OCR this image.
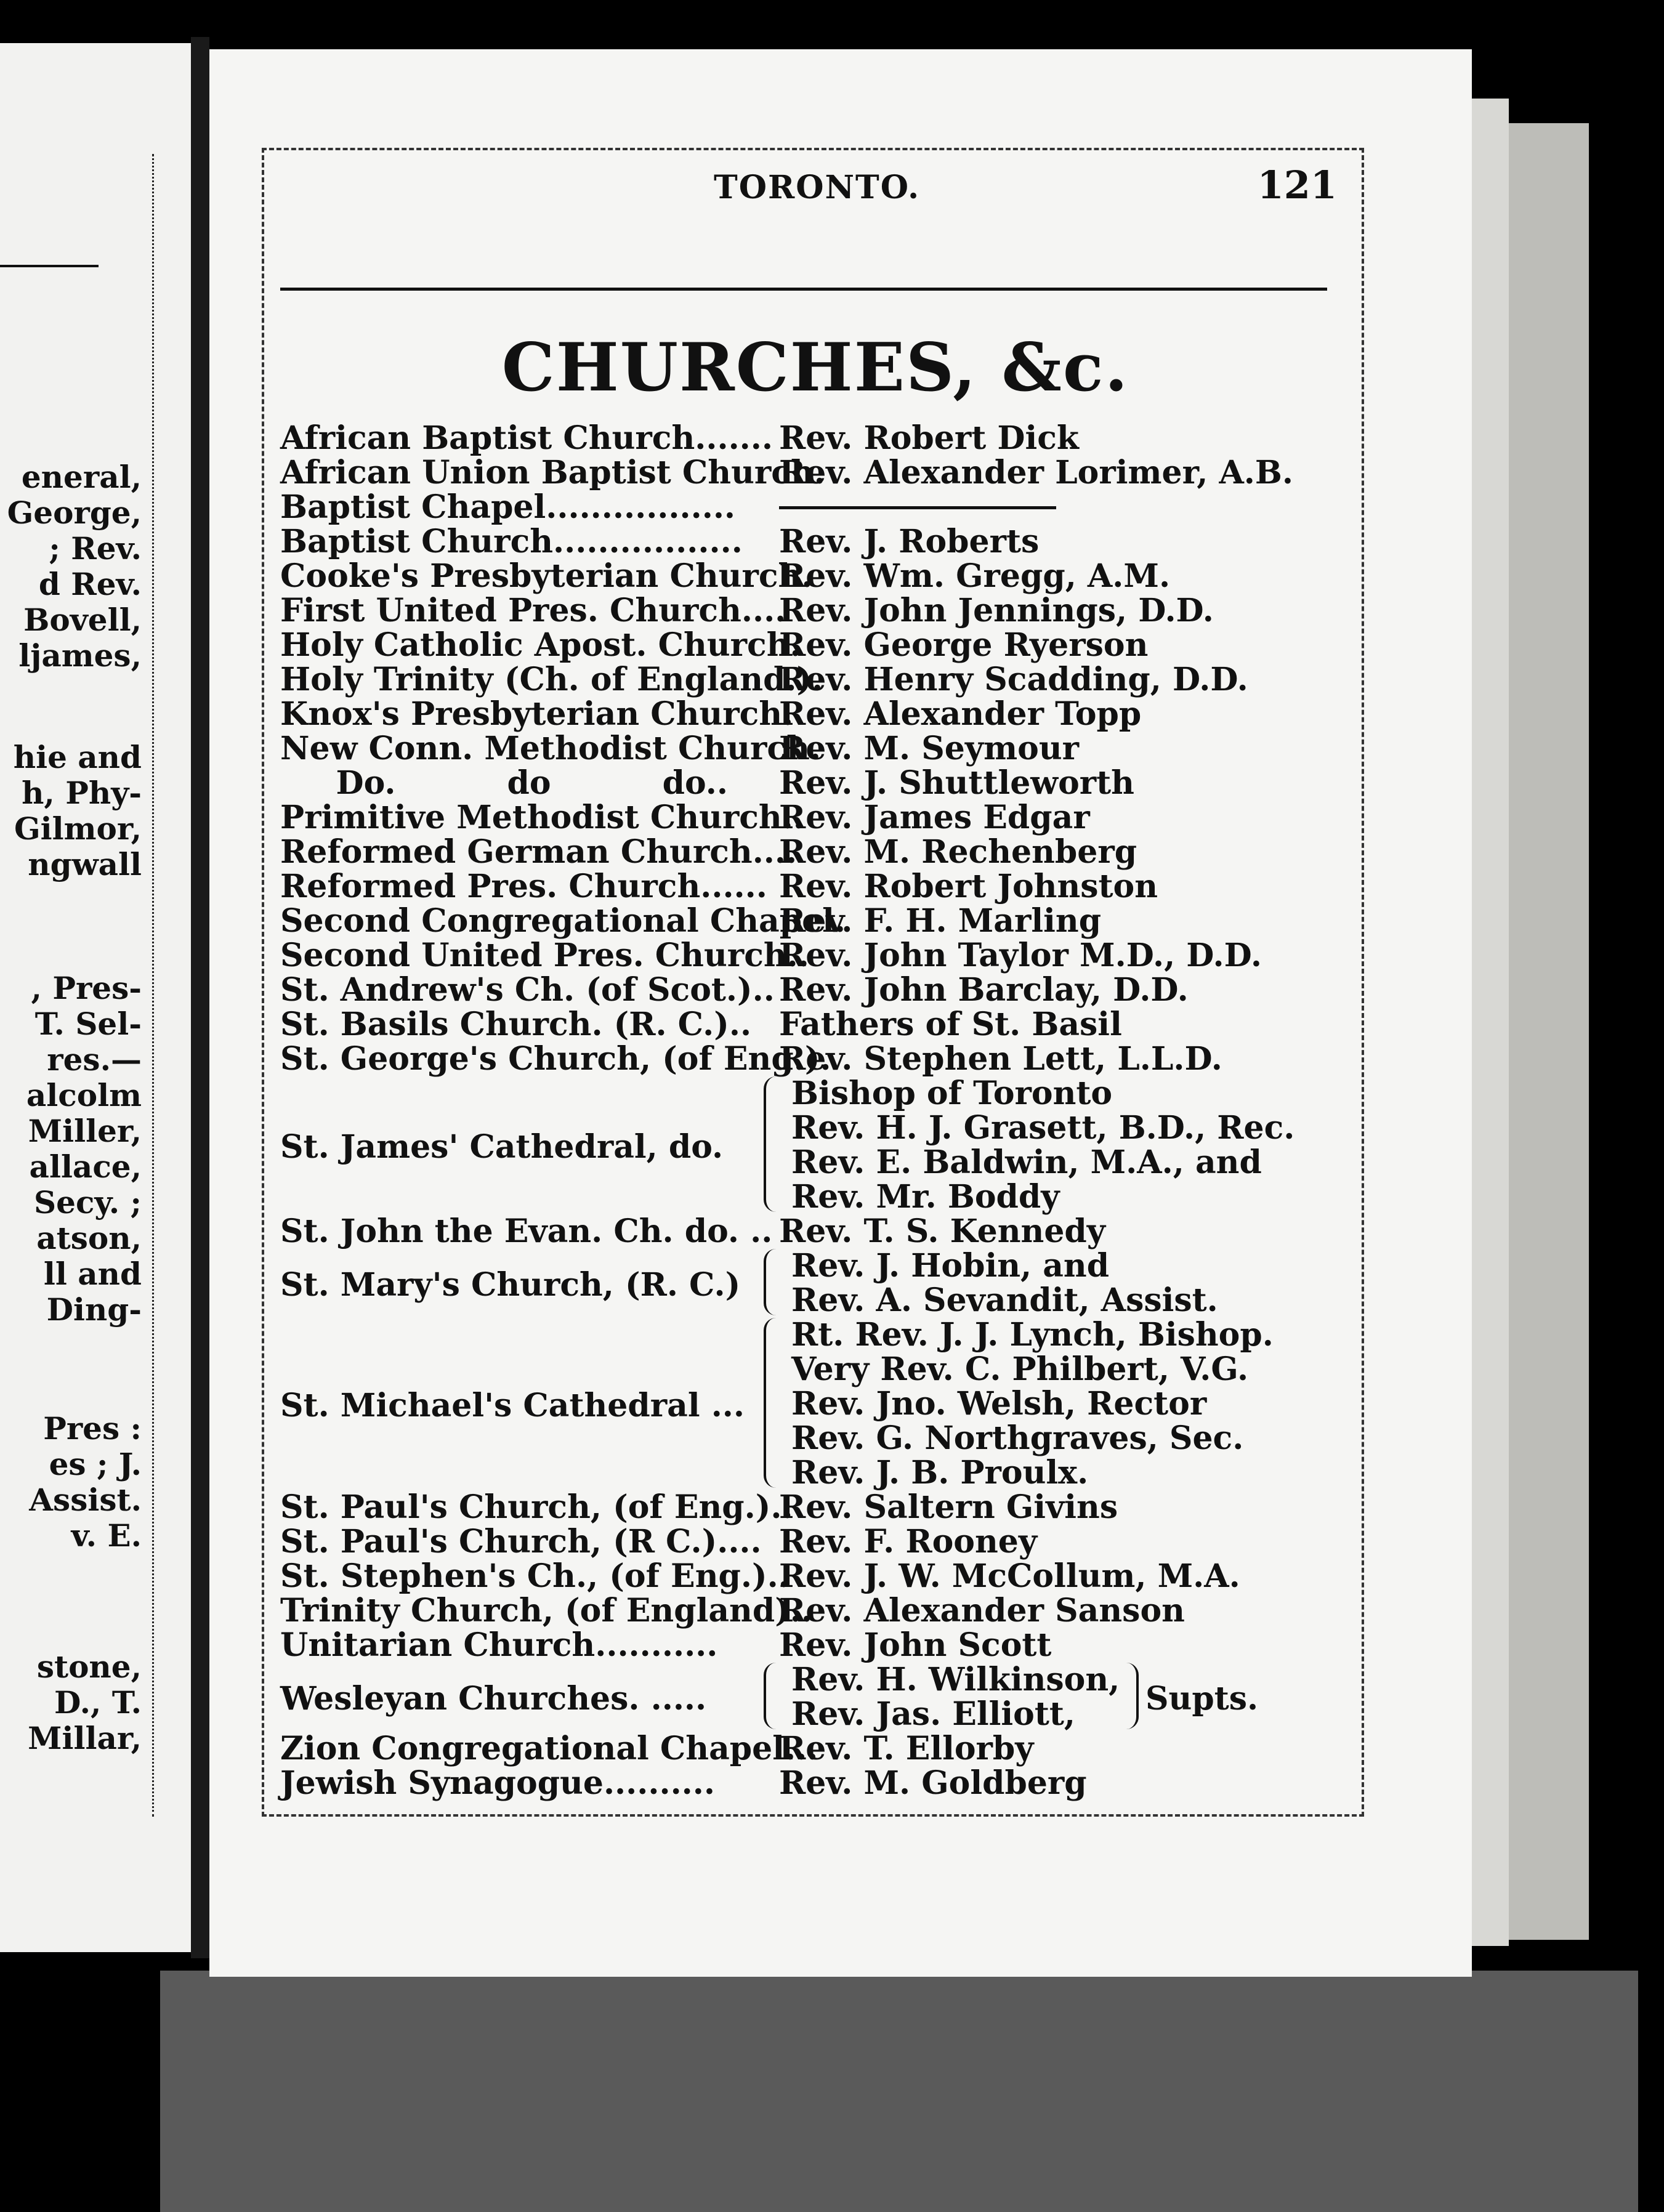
eneral,
George,
; Rev.
d Rev.
Bovell,
ljames,
hie and
h, Phy-
Gilmor,
ngwall
, Pres-
T. Sel-
res.—
alcolm
Miller,
allace,
Secy. ;
atson,
ll and
Ding-
Pres :
es ; J.
Assist.
v. E.
stone,
D., T.
Millar,
TORONTO.	121
CHURCHES, &c.
African Baptist Church....... Rev. Robert Dick
African Union Baptist Church.
Rev. Alexander Lorimer, A.B.
Baptist Chapel.................
Baptist Church................. Rev. J. Roberts
Cooke's Presbyterian Church.
Rev. Wm. Gregg, A.M.
First United Pres. Church....
Rev. John Jennings, D.D.
Holy Catholic Apost. Church.
Rev. George Ryerson
Holy Trinity (Ch. of England.).
Rev. Henry Scadding, D.D.
Knox's Presbyterian Church.
Rev. Alexander Topp
New Conn. Methodist Church.
Rev. M. Seymour
Do.          do          do.. Rev. J. Shuttleworth
Primitive Methodist Church..
Rev. James Edgar
Reformed German Church....
Rev. M. Rechenberg
Reformed Pres. Church...... Rev. Robert Johnston
Second Congregational Chapel.
Rev. F. H. Marling
Second United Pres. Church..
Rev. John Taylor M.D., D.D.
St. Andrew's Ch. (of Scot.).. Rev. John Barclay, D.D.
St. Basils Church. (R. C.).. Fathers of St. Basil
St. George's Church, (of Eng.).
Rev. Stephen Lett, L.L.D.
St. James' Cathedral, do.
Bishop of Toronto
Rev. H. J. Grasett, B.D., Rec.
Rev. E. Baldwin, M.A., and
Rev. Mr. Boddy
St. John the Evan. Ch. do. .. Rev. T. S. Kennedy
St. Mary's Church, (R. C.)
Rev. J. Hobin, and
Rev. A. Sevandit, Assist.
St. Michael's Cathedral ...
Rt. Rev. J. J. Lynch, Bishop.
Very Rev. C. Philbert, V.G.
Rev. Jno. Welsh, Rector
Rev. G. Northgraves, Sec.
Rev. J. B. Proulx.
St. Paul's Church, (of Eng.)..
Rev. Saltern Givins
St. Paul's Church, (R C.).... Rev. F. Rooney
St. Stephen's Ch., (of Eng.)..
Rev. J. W. McCollum, M.A.
Trinity Church, (of England)..
Rev. Alexander Sanson
Unitarian Church........... Rev. John Scott
Wesleyan Churches. .....
Rev. H. Wilkinson,
Rev. Jas. Elliott,	Supts.
Zion Congregational Chapel...
Rev. T. Ellorby
Jewish Synagogue.......... Rev. M. Goldberg
